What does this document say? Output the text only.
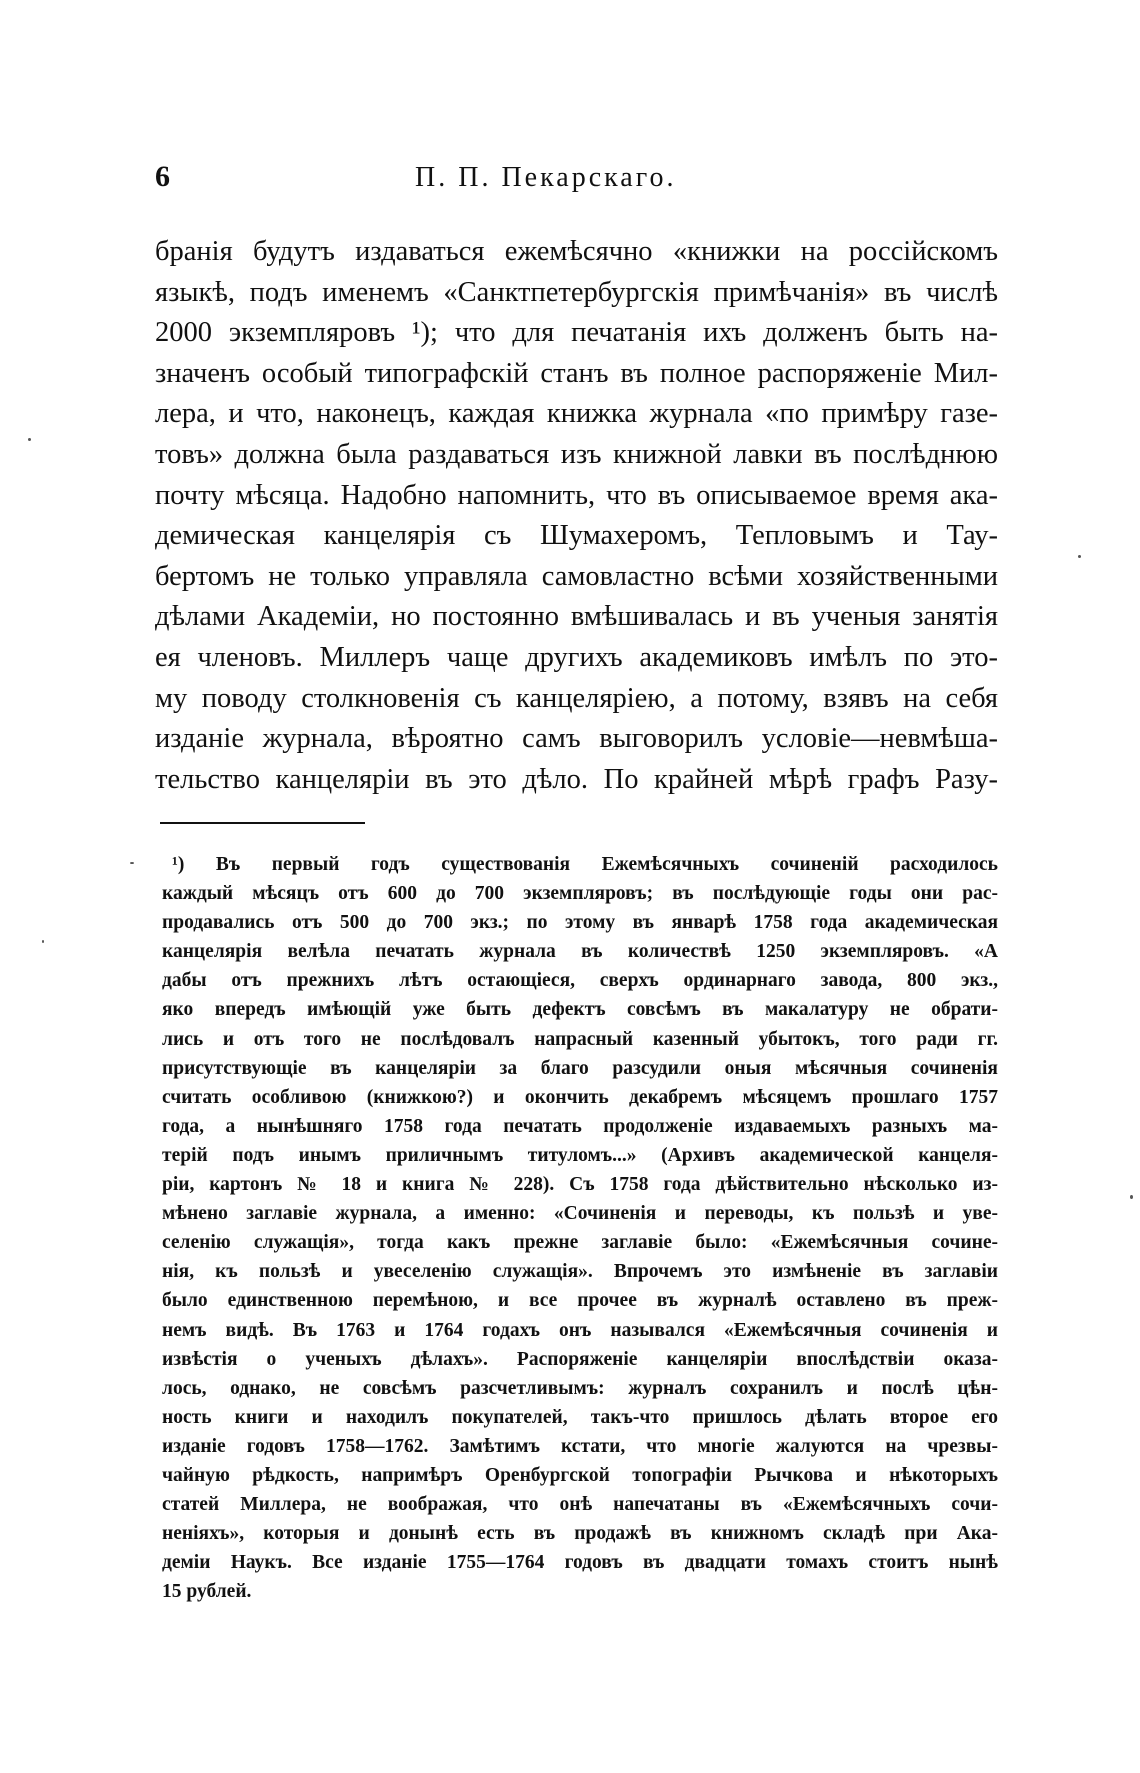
6	П. П. Пекарскаго.
бранія будутъ издаваться ежемѣсячно «книжки на россійскомъ
языкѣ, подъ именемъ «Санктпетербургскія примѣчанія» въ числѣ
2000 экземпляровъ ¹); что для печатанія ихъ долженъ быть на-
значенъ особый типографскій станъ въ полное распоряженіе Мил-
лера, и что, наконецъ, каждая книжка журнала «по примѣру газе-
товъ» должна была раздаваться изъ книжной лавки въ послѣднюю
почту мѣсяца. Надобно напомнить, что въ описываемое время ака-
демическая канцелярія съ Шумахеромъ, Тепловымъ и Тау-
бертомъ не только управляла самовластно всѣми хозяйственными
дѣлами Академіи, но постоянно вмѣшивалась и въ ученыя занятія
ея членовъ. Миллеръ чаще другихъ академиковъ имѣлъ по это-
му поводу столкновенія съ канцеляріею, а потому, взявъ на себя
изданіе журнала, вѣроятно самъ выговорилъ условіе—невмѣша-
тельство канцеляріи въ это дѣло. По крайней мѣрѣ графъ Разу-
¹) Въ первый годъ существованія Ежемѣсячныхъ сочиненій расходилось
каждый мѣсяцъ отъ 600 до 700 экземпляровъ; въ послѣдующіе годы они рас-
продавались отъ 500 до 700 экз.; по этому въ январѣ 1758 года академическая
канцелярія велѣла печатать журнала въ количествѣ 1250 экземпляровъ. «А
дабы отъ прежнихъ лѣтъ остающіеся, сверхъ ординарнаго завода, 800 экз.,
яко впередъ имѣющій уже быть дефектъ совсѣмъ въ макалатуру не обрати-
лись и отъ того не послѣдовалъ напрасный казенный убытокъ, того ради гг.
присутствующіе въ канцеляріи за благо разсудили оныя мѣсячныя сочиненія
считать особливою (книжкою?) и окончить декабремъ мѣсяцемъ прошлаго 1757
года, а нынѣшняго 1758 года печатать продолженіе издаваемыхъ разныхъ ма-
терій подъ инымъ приличнымъ титуломъ...» (Архивъ академической канцеля-
ріи, картонъ № 18 и книга № 228). Съ 1758 года дѣйствительно нѣсколько из-
мѣнено заглавіе журнала, а именно: «Сочиненія и переводы, къ пользѣ и уве-
селенію служащія», тогда какъ прежне заглавіе было: «Ежемѣсячныя сочине-
нія, къ пользѣ и увеселенію служащія». Впрочемъ это измѣненіе въ заглавіи
было единственною перемѣною, и все прочее въ журналѣ оставлено въ преж-
немъ видѣ. Въ 1763 и 1764 годахъ онъ назывался «Ежемѣсячныя сочиненія и
извѣстія о ученыхъ дѣлахъ». Распоряженіе канцеляріи впослѣдствіи оказа-
лось, однако, не совсѣмъ разсчетливымъ: журналъ сохранилъ и послѣ цѣн-
ность книги и находилъ покупателей, такъ-что пришлось дѣлать второе его
изданіе годовъ 1758—1762. Замѣтимъ кстати, что многіе жалуются на чрезвы-
чайную рѣдкость, напримѣръ Оренбургской топографіи Рычкова и нѣкоторыхъ
статей Миллера, не воображая, что онѣ напечатаны въ «Ежемѣсячныхъ сочи-
неніяхъ», которыя и донынѣ есть въ продажѣ въ книжномъ складѣ при Ака-
деміи Наукъ. Все изданіе 1755—1764 годовъ въ двадцати томахъ стоитъ нынѣ
15 рублей.
